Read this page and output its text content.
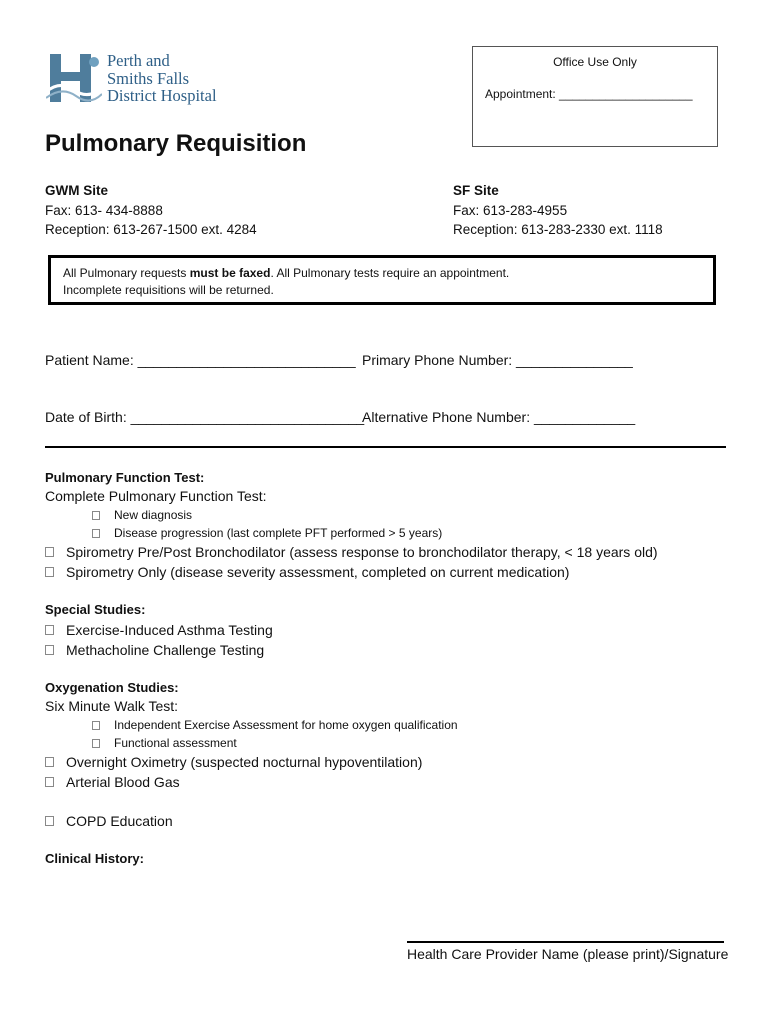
Perth and
Smiths Falls
District Hospital
Office Use Only
Appointment: ____________________
Pulmonary Requisition
GWM Site
Fax: 613- 434-8888
Reception: 613-267-1500 ext. 4284
SF Site
Fax: 613-283-4955
Reception: 613-283-2330 ext. 1118
All Pulmonary requests must be faxed. All Pulmonary tests require an appointment.
Incomplete requisitions will be returned.
Patient Name: ____________________________ Primary Phone Number: _______________
Date of Birth: ______________________________
Alternative Phone Number: _____________
Pulmonary Function Test:
Complete Pulmonary Function Test:
New diagnosis
Disease progression (last complete PFT performed > 5 years)
Spirometry Pre/Post Bronchodilator (assess response to bronchodilator therapy, < 18 years old)
Spirometry Only (disease severity assessment, completed on current medication)
Special Studies:
Exercise-Induced Asthma Testing
Methacholine Challenge Testing
Oxygenation Studies:
Six Minute Walk Test:
Independent Exercise Assessment for home oxygen qualification
Functional assessment
Overnight Oximetry (suspected nocturnal hypoventilation)
Arterial Blood Gas
COPD Education
Clinical History:
Health Care Provider Name (please print)/Signature
